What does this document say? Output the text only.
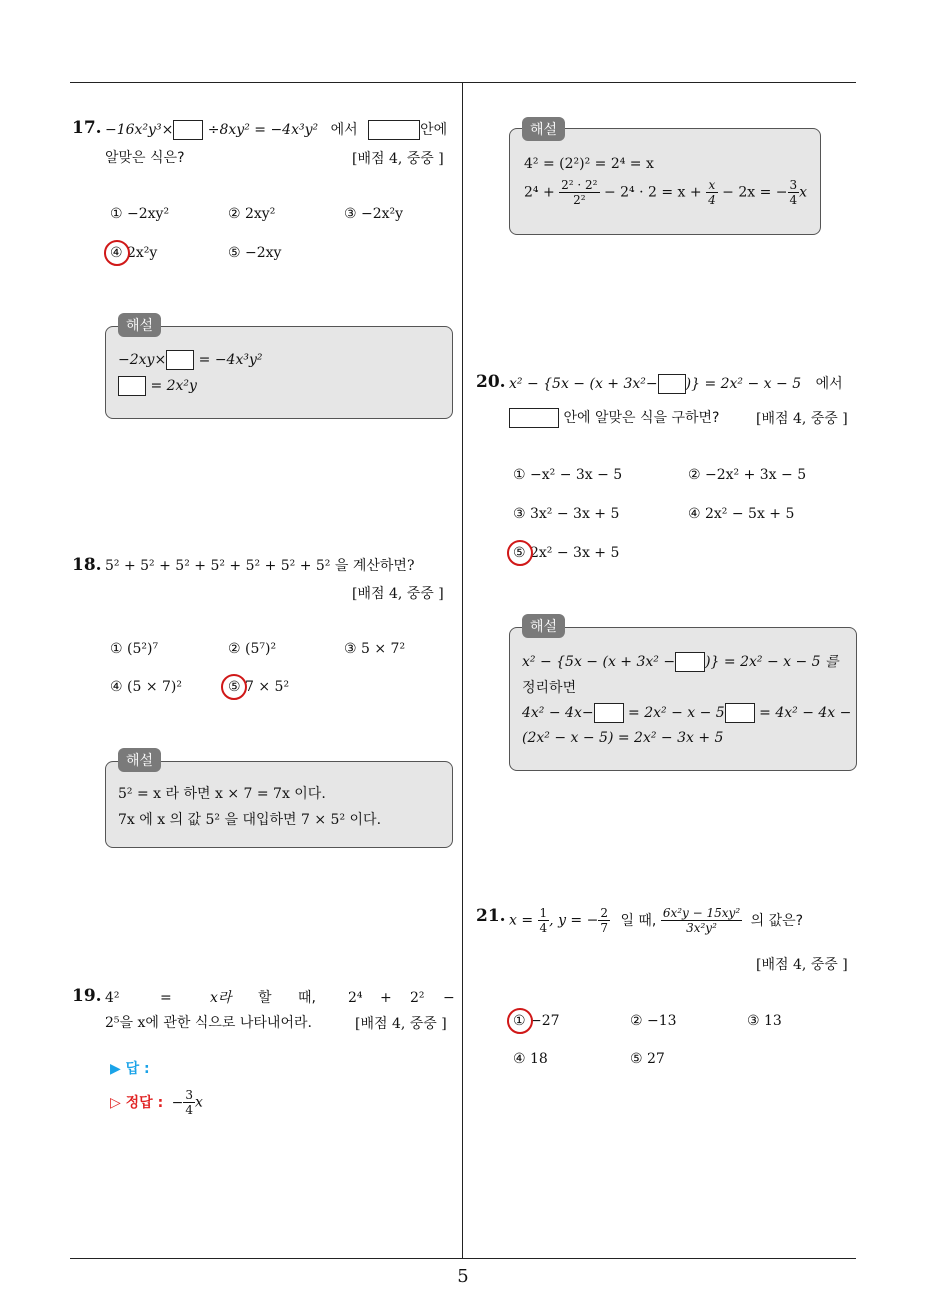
5
17. −16x²y³× ÷8xy² = −4x³y² 에서	안에
알맞은 식은?	[배점 4, 중중 ]
① −2xy²	② 2xy²	③ −2x²y
④ 2x²y	⑤ −2xy
해설
−2xy× = −4x³y²
= 2x²y
18. 5² + 5² + 5² + 5² + 5² + 5² + 5² 을 계산하면?
[배점 4, 중중 ]
① (5²)⁷	② (5⁷)²	③ 5 × 7²
④ (5 × 7)²	⑤ 7 × 5²
해설
5² = x 라 하면 x × 7 = 7x 이다.
7x 에 x 의 값 5² 을 대입하면 7 × 5² 이다.
19. 4²	=	x라 할 때, 2⁴ + 2² −
2⁵을 x에 관한 식으로 나타내어라.	[배점 4, 중중 ]
▶ 답 :
▷ 정답 : − $\frac{3}{4}$ x
해설
4² = (2²)² = 2⁴ = x
$2^4 + \frac{\text{2² · 2²}}{\text{2²}} - 2^4 \cdot 2 = x + \frac{x}{4} - 2x$ = − $\frac{3}{4}$ x
20. x² − {5x − (x + 3x²− )} = 2x² − x − 5 에서
안에 알맞은 식을 구하면?	[배점 4, 중중 ]
① −x² − 3x − 5	② −2x² + 3x − 5
③ 3x² − 3x + 5	④ 2x² − 5x + 5
⑤ 2x² − 3x + 5
해설
x² − {5x − (x + 3x² − )} = 2x² − x − 5 를
정리하면
4x² − 4x− = 2x² − x − 5 = 4x² − 4x −
(2x² − x − 5) = 2x² − 3x + 5
21. $x = \frac{1}{4}$ , y = − $\frac{2}{7}$ 일 때, $\frac{\text{6x²y − 15xy²}}{\text{3x²y²}}$ 의 값은?
[배점 4, 중중 ]
① −27	② −13	③ 13
④ 18	⑤ 27
